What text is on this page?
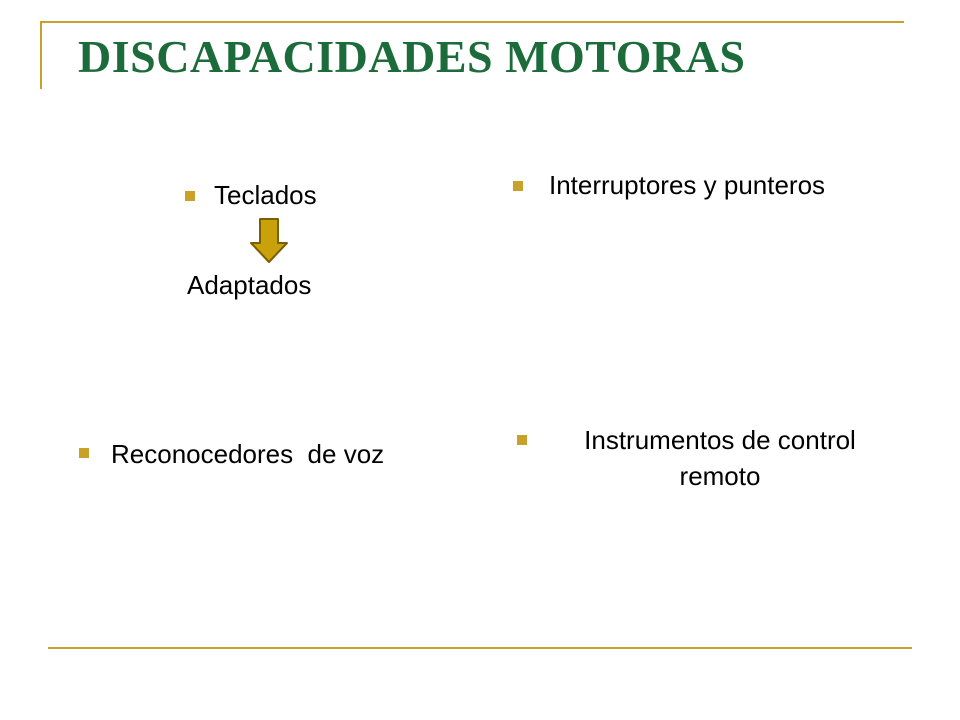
DISCAPACIDADES MOTORAS
Teclados
Adaptados
Interruptores y punteros
Reconocedores  de voz	Instrumentos de control
remoto
